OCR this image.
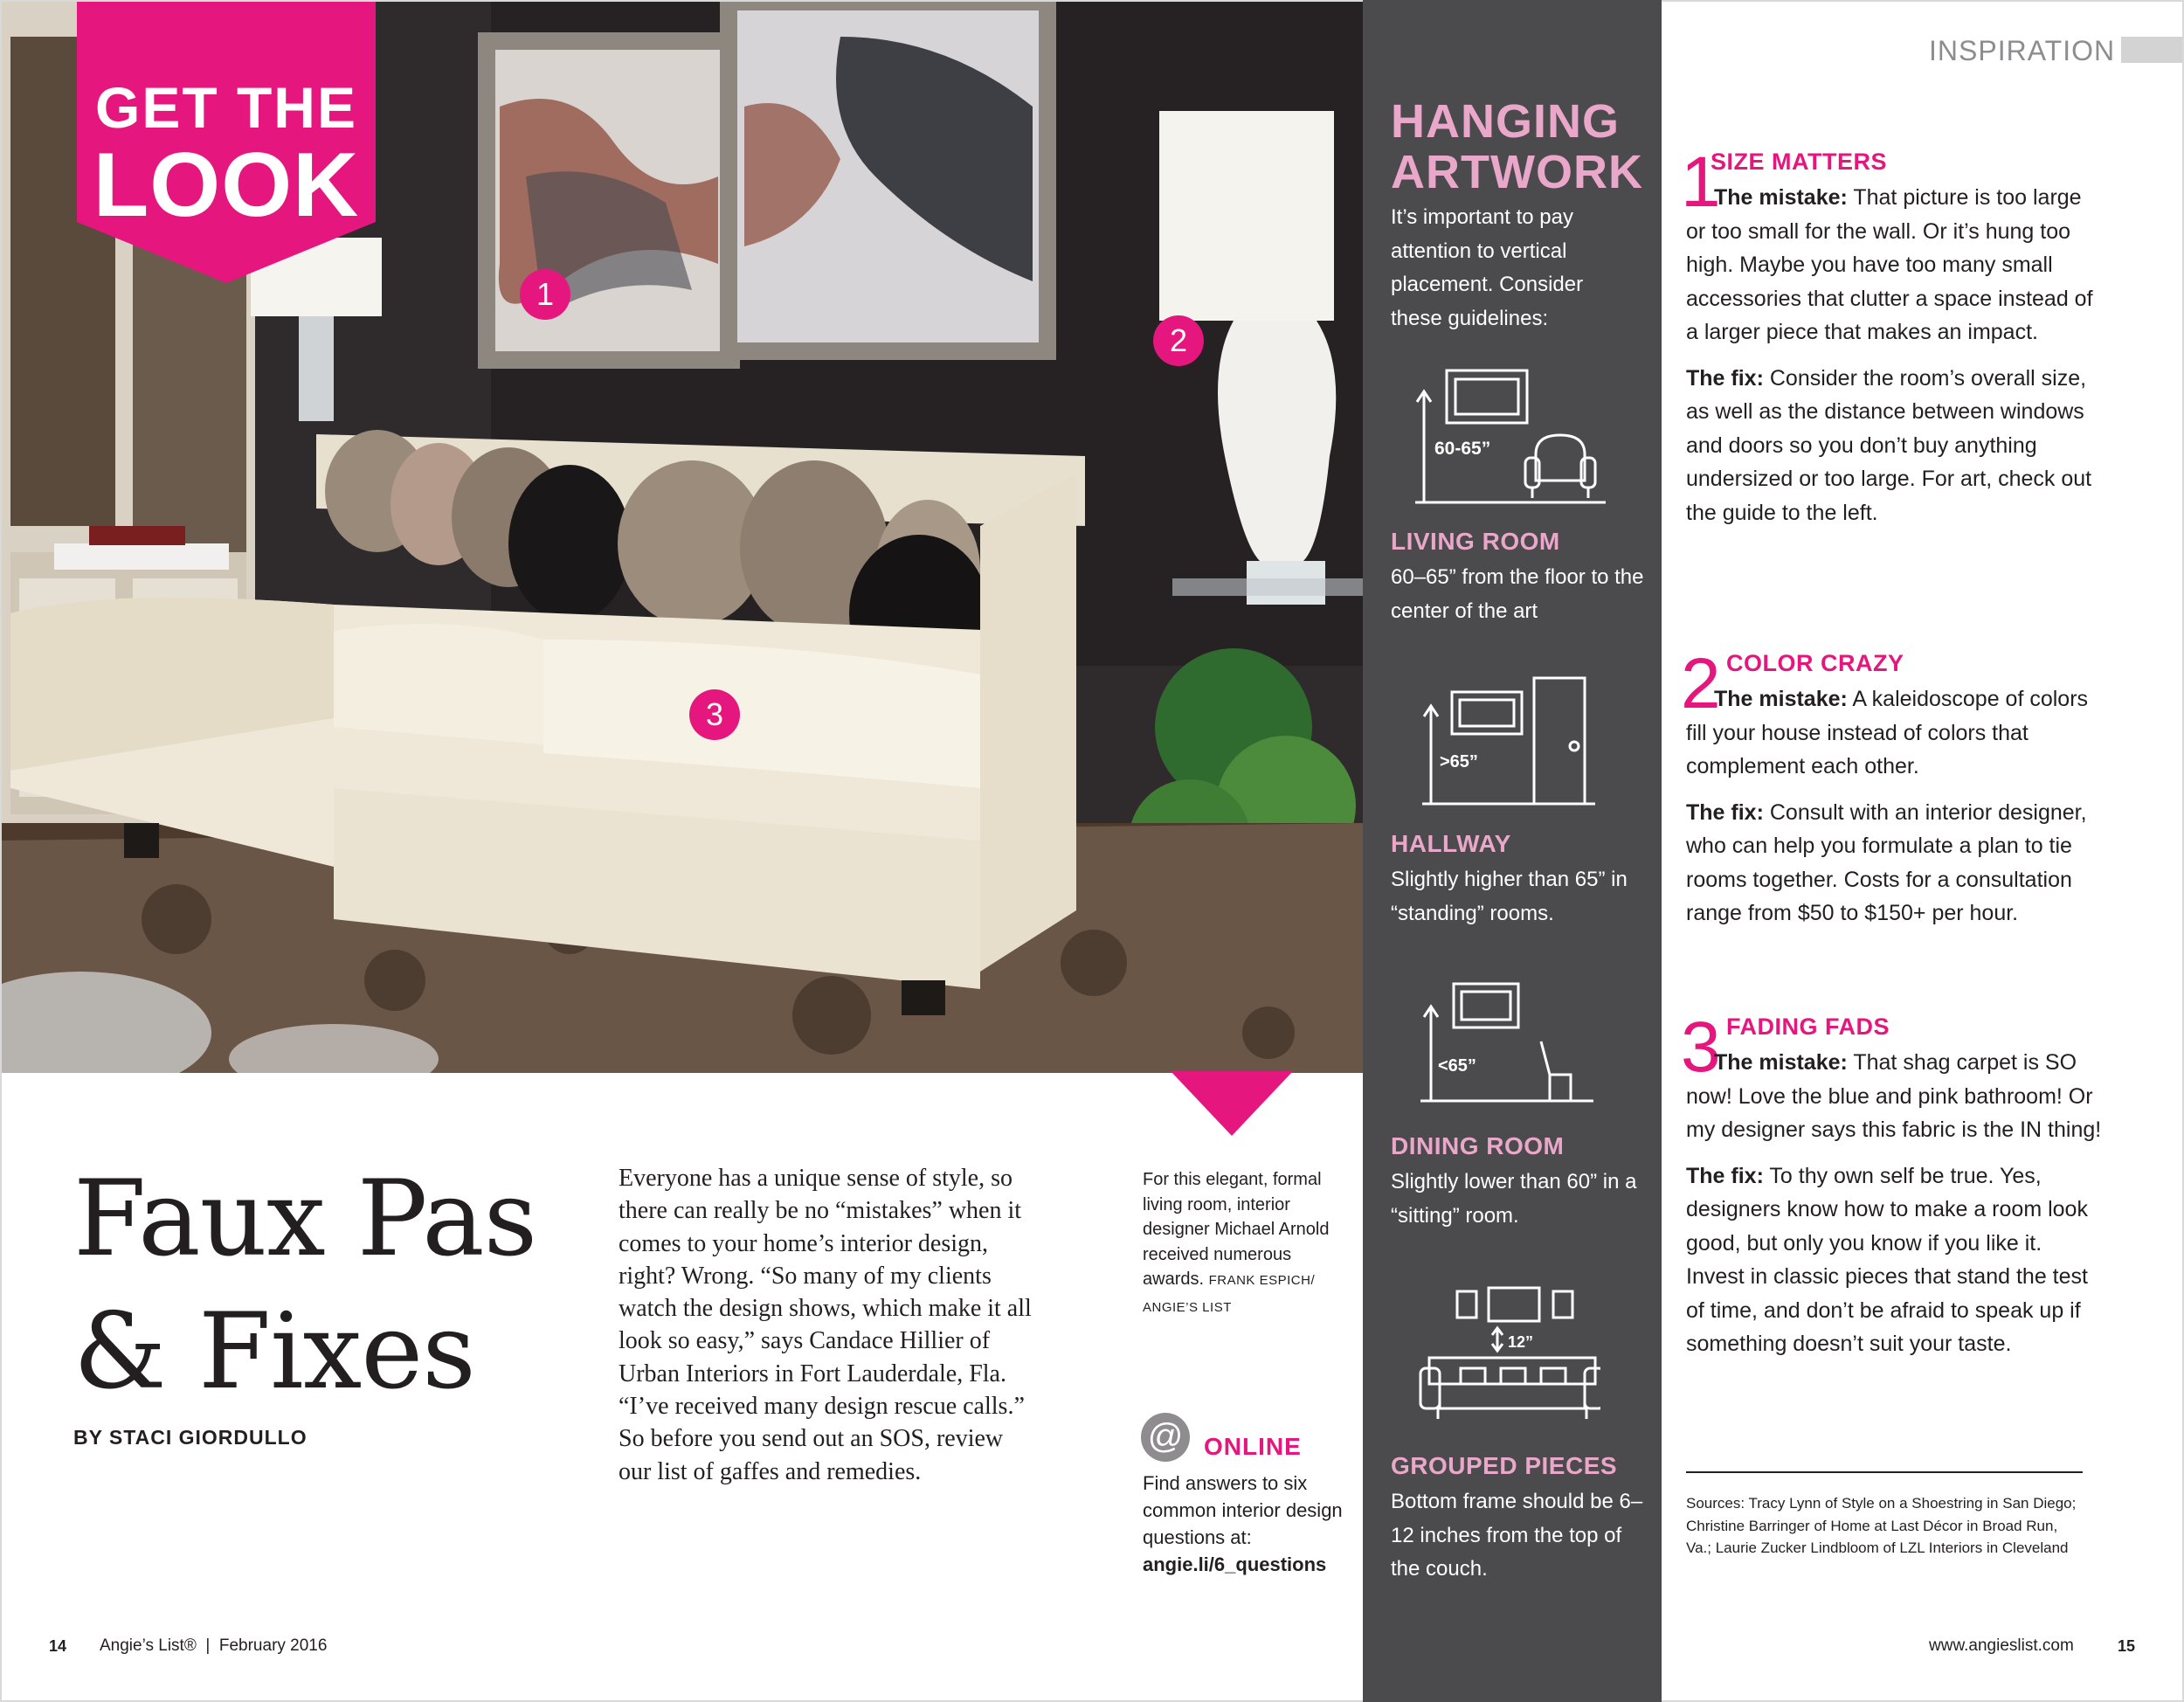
1
2
3
GET THE
LOOK
Faux Pas
& Fixes
BY STACI GIORDULLO
Everyone has a unique sense of style, so there can really be no “mistakes” when it comes to your home’s interior design, right? Wrong. “So many of my clients watch the design shows, which make it all look so easy,” says Candace Hillier of Urban Interiors in Fort Lauderdale, Fla. “I’ve received many design rescue calls.” So before you send out an SOS, review our list of gaffes and remedies.
For this elegant, formal living room, interior designer Michael Arnold received numerous awards. FRANK ESPICH/ ANGIE’S LIST
@ ONLINE
Find answers to six common interior design questions at: angie.li/6_questions
HANGING
ARTWORK
It’s important to pay attention to vertical placement. Consider these guidelines:
60-65”
LIVING ROOM
60–65” from the floor to the center of the art
>65”
HALLWAY
Slightly higher than 65” in “standing” rooms.
<65”
DINING ROOM
Slightly lower than 60” in a “sitting” room.
12”
GROUPED PIECES
Bottom frame should be 6–12 inches from the top of the couch.
INSPIRATION
1
SIZE MATTERS

The mistake: That picture is too large or too small for the wall. Or it’s hung too high. Maybe you have too many small accessories that clutter a space instead of a larger piece that makes an impact.

The fix: Consider the room’s overall size, as well as the distance between windows and doors so you don’t buy anything undersized or too large. For art, check out the guide to the left.

2 COLOR CRAZY

The mistake: A kaleidoscope of colors fill your house instead of colors that complement each other.

The fix: Consult with an interior designer, who can help you formulate a plan to tie rooms together. Costs for a consultation range from $50 to $150+ per hour.

3 FADING FADS

The mistake: That shag carpet is SO now! Love the blue and pink bathroom! Or my designer says this fabric is the IN thing!

The fix: To thy own self be true. Yes, designers know how to make a room look good, but only you know if you like it. Invest in classic pieces that stand the test of time, and don’t be afraid to speak up if something doesn’t suit your taste.

Sources: Tracy Lynn of Style on a Shoestring in San Diego; Christine Barringer of Home at Last Décor in Broad Run, Va.; Laurie Zucker Lindbloom of LZL Interiors in Cleveland
14 Angie’s List®  |  February 2016	www.angieslist.com	15
